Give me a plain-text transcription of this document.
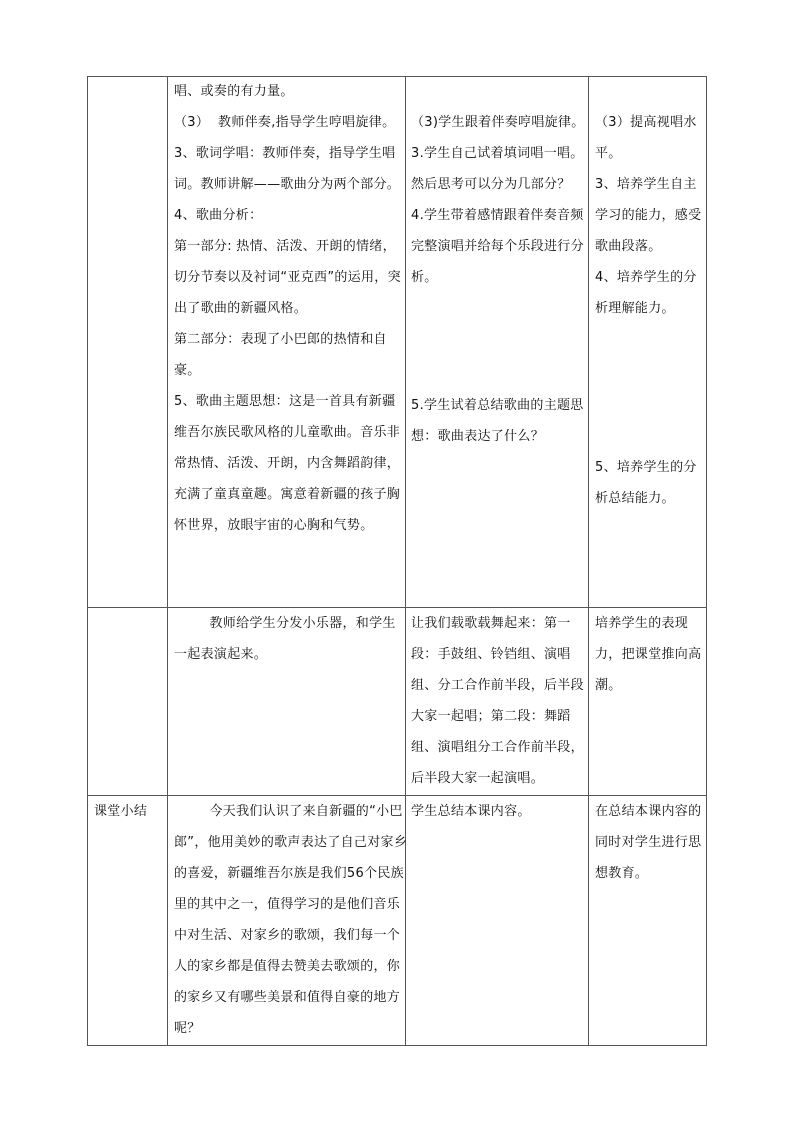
唱、或奏的有力量。
（3）  教师伴奏,指导学生哼唱旋律。
3、歌词学唱：教师伴奏，指导学生唱词。教师讲解——歌曲分为两个部分。
4、歌曲分析：
第一部分: 热情、活泼、开朗的情绪，切分节奏以及衬词“亚克西”的运用，突出了歌曲的新疆风格。
第二部分：表现了小巴郎的热情和自豪。
5、歌曲主题思想：这是一首具有新疆维吾尔族民歌风格的儿童歌曲。音乐非常热情、活泼、开朗，内含舞蹈韵律，充满了童真童趣。寓意着新疆的孩子胸怀世界，放眼宇宙的心胸和气势。

（3)学生跟着伴奏哼唱旋律。
3.学生自己试着填词唱一唱。然后思考可以分为几部分？
4.学生带着感情跟着伴奏音频完整演唱并给每个乐段进行分析。
5.学生试着总结歌曲的主题思想：歌曲表达了什么？

（3）提高视唱水平。
3、培养学生自主学习的能力，感受歌曲段落。
4、培养学生的分析理解能力。
5、培养学生的分析总结能力。
教师给学生分发小乐器，和学生一起表演起来。
让我们载歌载舞起来：第一段：手鼓组、铃铛组、演唱组、分工合作前半段，后半段大家一起唱；第二段：舞蹈组、演唱组分工合作前半段，后半段大家一起演唱。
培养学生的表现力，把课堂推向高潮。
课堂小结	今天我们认识了来自新疆的“小巴郎”，他用美妙的歌声表达了自己对家乡的喜爱，新疆维吾尔族是我们56个民族里的其中之一，值得学习的是他们音乐中对生活、对家乡的歌颂，我们每一个人的家乡都是值得去赞美去歌颂的，你的家乡又有哪些美景和值得自豪的地方呢？
学生总结本课内容。	在总结本课内容的同时对学生进行思想教育。
